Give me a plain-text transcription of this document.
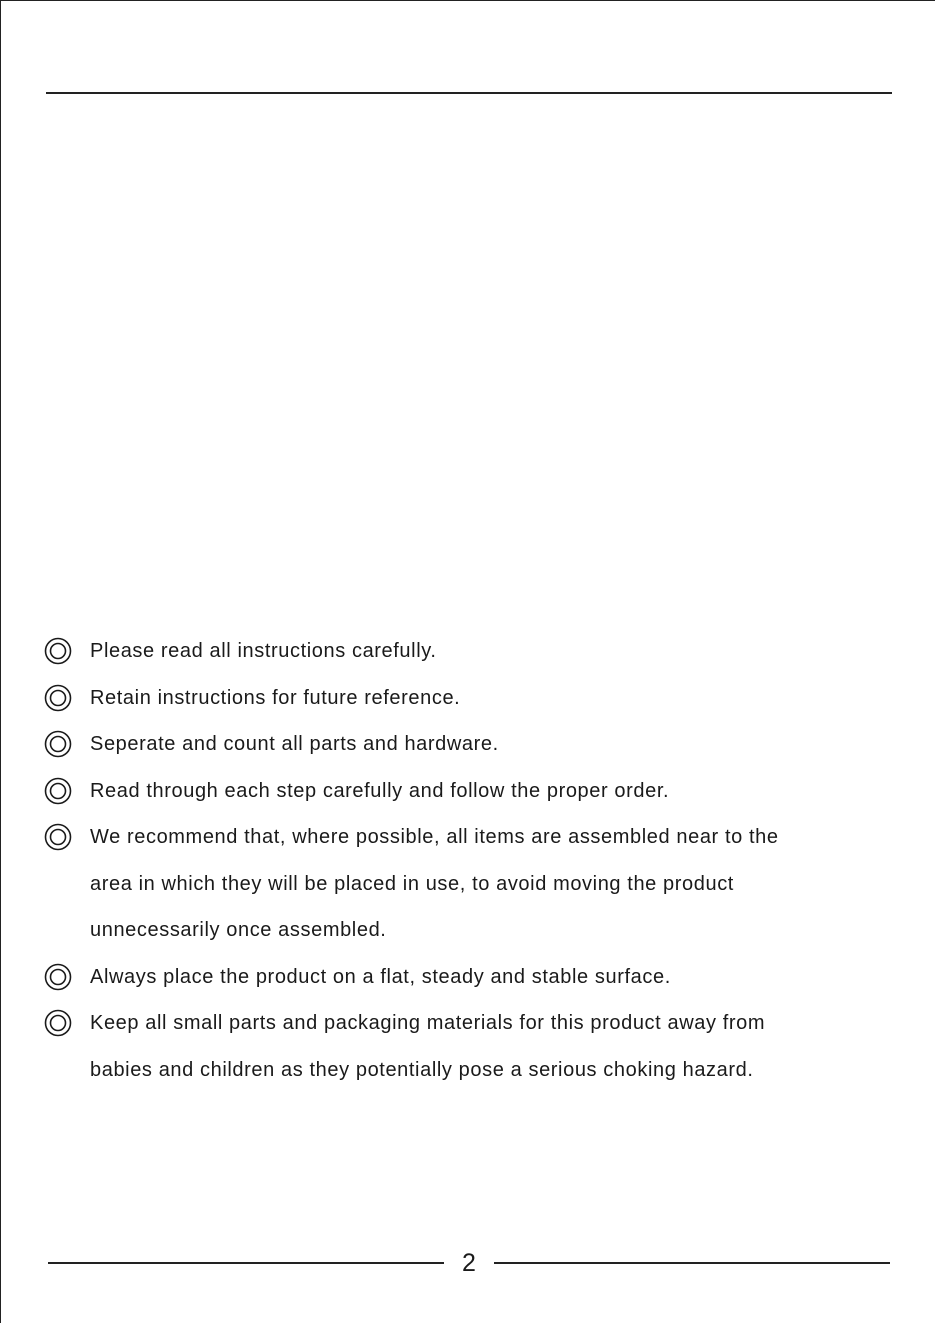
Please read all instructions carefully.
Retain instructions for future reference.
Seperate and count all parts and hardware.
Read through each step carefully and follow the proper order.
We recommend that, where possible, all items are assembled near to the
area in which they will be placed in use, to avoid moving the product
unnecessarily once assembled.
Always place the product on a flat, steady and stable surface.
Keep all small parts and packaging materials for this product away from
babies and children as they potentially pose a serious choking hazard.
2
